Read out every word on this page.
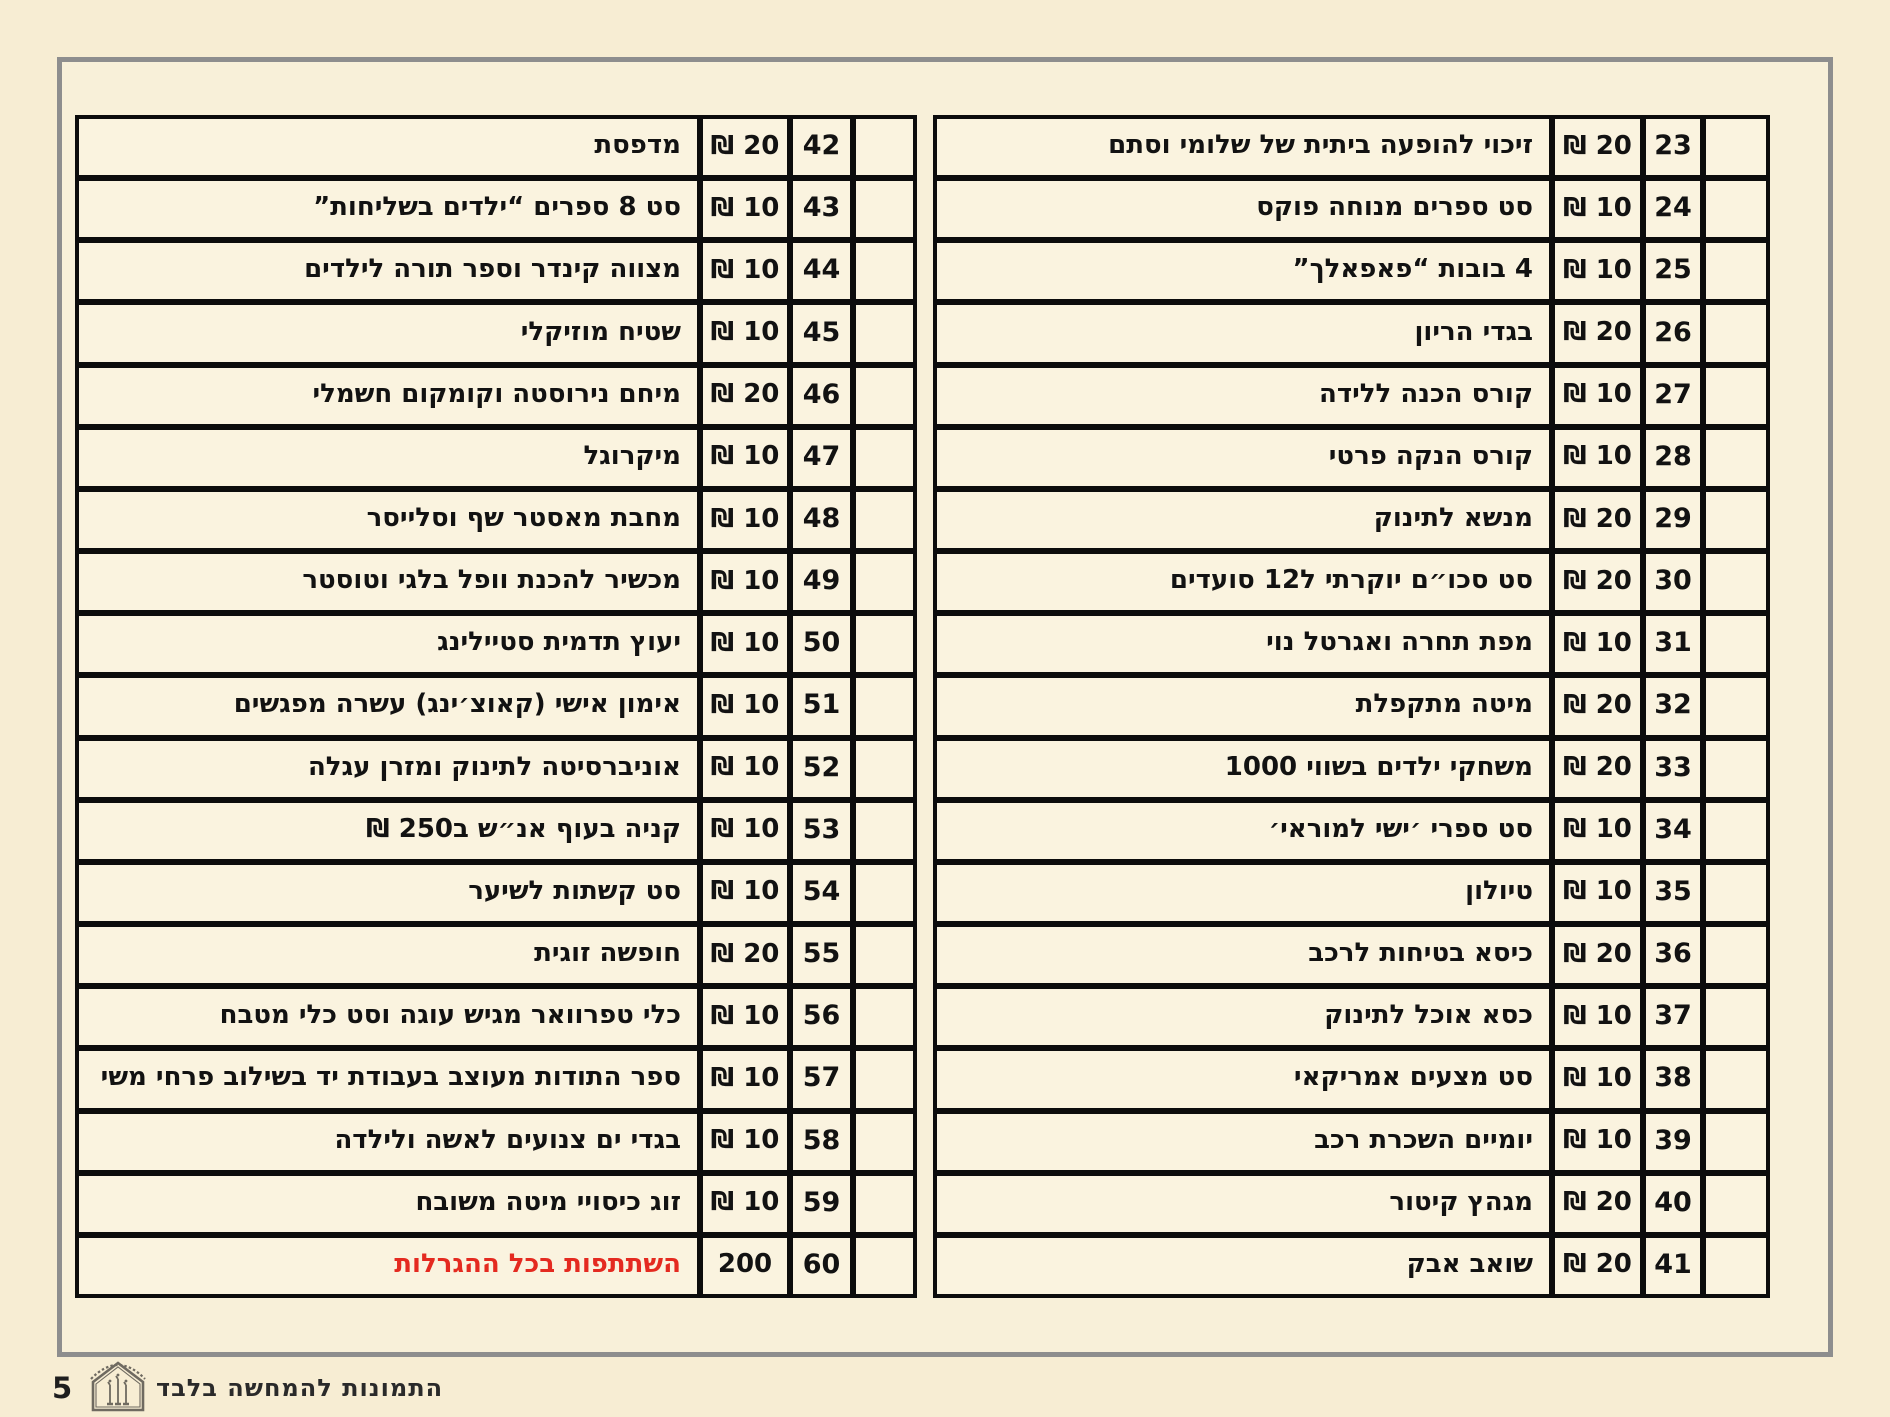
	42	20 ₪	מדפסת
	43	10 ₪	סט 8 ספרים “ילדים בשליחות”
	44	10 ₪	מצווה קינדר וספר תורה לילדים
	45	10 ₪	שטיח מוזיקלי
	46	20 ₪	מיחם נירוסטה וקומקום חשמלי
	47	10 ₪	מיקרוגל
	48	10 ₪	מחבת מאסטר שף וסלייסר
	49	10 ₪	מכשיר להכנת וופל בלגי וטוסטר
	50	10 ₪	יעוץ תדמית סטיילינג
	51	10 ₪	אימון אישי (קאוצ׳ינג) עשרה מפגשים
	52	10 ₪	אוניברסיטה לתינוק ומזרן עגלה
	53	10 ₪	קניה בעוף אנ״ש ב250 ₪
	54	10 ₪	סט קשתות לשיער
	55	20 ₪	חופשה זוגית
	56	10 ₪	כלי טפרוואר מגיש עוגה וסט כלי מטבח
	57	10 ₪	ספר התודות מעוצב בעבודת יד בשילוב פרחי משי
	58	10 ₪	בגדי ים צנועים לאשה ולילדה
	59	10 ₪	זוג כיסויי מיטה משובח
	60	200	השתתפות בכל ההגרלות
	23	20 ₪	זיכוי להופעה ביתית של שלומי וסתם
	24	10 ₪	סט ספרים מנוחה פוקס
	25	10 ₪	4 בובות “פאפאלך”
	26	20 ₪	בגדי הריון
	27	10 ₪	קורס הכנה ללידה
	28	10 ₪	קורס הנקה פרטי
	29	20 ₪	מנשא לתינוק
	30	20 ₪	סט סכו״ם יוקרתי ל12 סועדים
	31	10 ₪	מפת תחרה ואגרטל נוי
	32	20 ₪	מיטה מתקפלת
	33	20 ₪	משחקי ילדים בשווי 1000
	34	10 ₪	סט ספרי ׳ישי למוראי׳
	35	10 ₪	טיולון
	36	20 ₪	כיסא בטיחות לרכב
	37	10 ₪	כסא אוכל לתינוק
	38	10 ₪	סט מצעים אמריקאי
	39	10 ₪	יומיים השכרת רכב
	40	20 ₪	מגהץ קיטור
	41	20 ₪	שואב אבק
5	התמונות להמחשה בלבד
